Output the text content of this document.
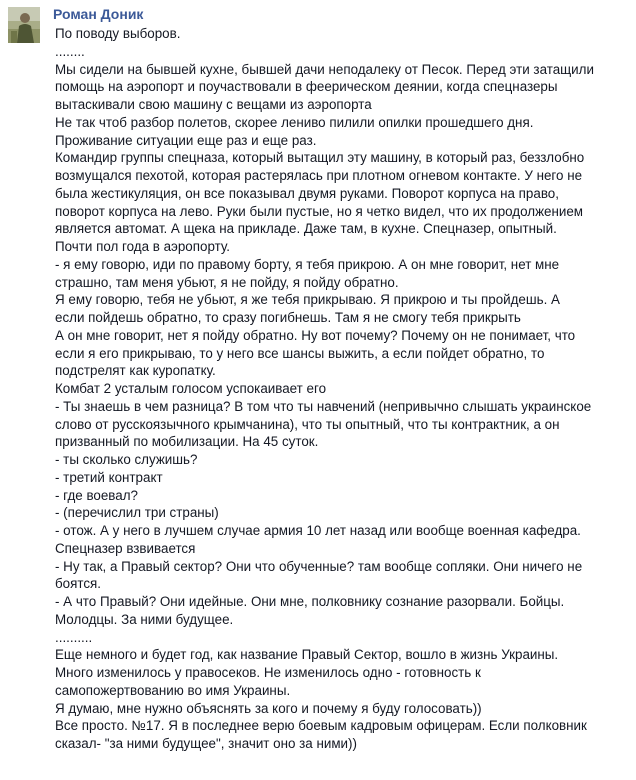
Роман Доник
По поводу выборов.
........
Мы сидели на бывшей кухне, бывшей дачи неподалеку от Песок. Перед эти затащили
помощь на аэропорт и поучаствовали в феерическом деянии, когда спецназеры
вытаскивали свою машину с вещами из аэропорта
Не так чтоб разбор полетов, скорее лениво пилили опилки прошедшего дня.
Проживание ситуации еще раз и еще раз.
Командир группы спецназа, который вытащил эту машину, в который раз, беззлобно
возмущался пехотой, которая растерялась при плотном огневом контакте. У него не
была жестикуляция, он все показывал двумя руками. Поворот корпуса на право,
поворот корпуса на лево. Руки были пустые, но я четко видел, что их продолжением
является автомат. А щека на прикладе. Даже там, в кухне. Спецназер, опытный.
Почти пол года в аэропорту.
- я ему говорю, иди по правому борту, я тебя прикрою. А он мне говорит, нет мне
страшно, там меня убьют, я не пойду, я пойду обратно.
Я ему говорю, тебя не убьют, я же тебя прикрываю. Я прикрою и ты пройдешь. А
если пойдешь обратно, то сразу погибнешь. Там я не смогу тебя прикрыть
А он мне говорит, нет я пойду обратно. Ну вот почему? Почему он не понимает, что
если я его прикрываю, то у него все шансы выжить, а если пойдет обратно, то
подстрелят как куропатку.
Комбат 2 усталым голосом успокаивает его
- Ты знаешь в чем разница? В том что ты навчений (непривычно слышать украинское
слово от русскоязычного крымчанина), что ты опытный, что ты контрактник, а он
призванный по мобилизации. На 45 суток.
- ты сколько служишь?
- третий контракт
- где воевал?
- (перечислил три страны)
- отож. А у него в лучшем случае армия 10 лет назад или вообще военная кафедра.
Спецназер взвивается
- Ну так, а Правый сектор? Они что обученные? там вообще сопляки. Они ничего не
боятся.
- А что Правый? Они идейные. Они мне, полковнику сознание разорвали. Бойцы.
Молодцы. За ними будущее.
..........
Еще немного и будет год, как название Правый Сектор, вошло в жизнь Украины.
Много изменилось у правосеков. Не изменилось одно - готовность к
самопожертвованию во имя Украины.
Я думаю, мне нужно объяснять за кого и почему я буду голосовать))
Все просто. №17. Я в последнее верю боевым кадровым офицерам. Если полковник
сказал- "за ними будущее", значит оно за ними))
